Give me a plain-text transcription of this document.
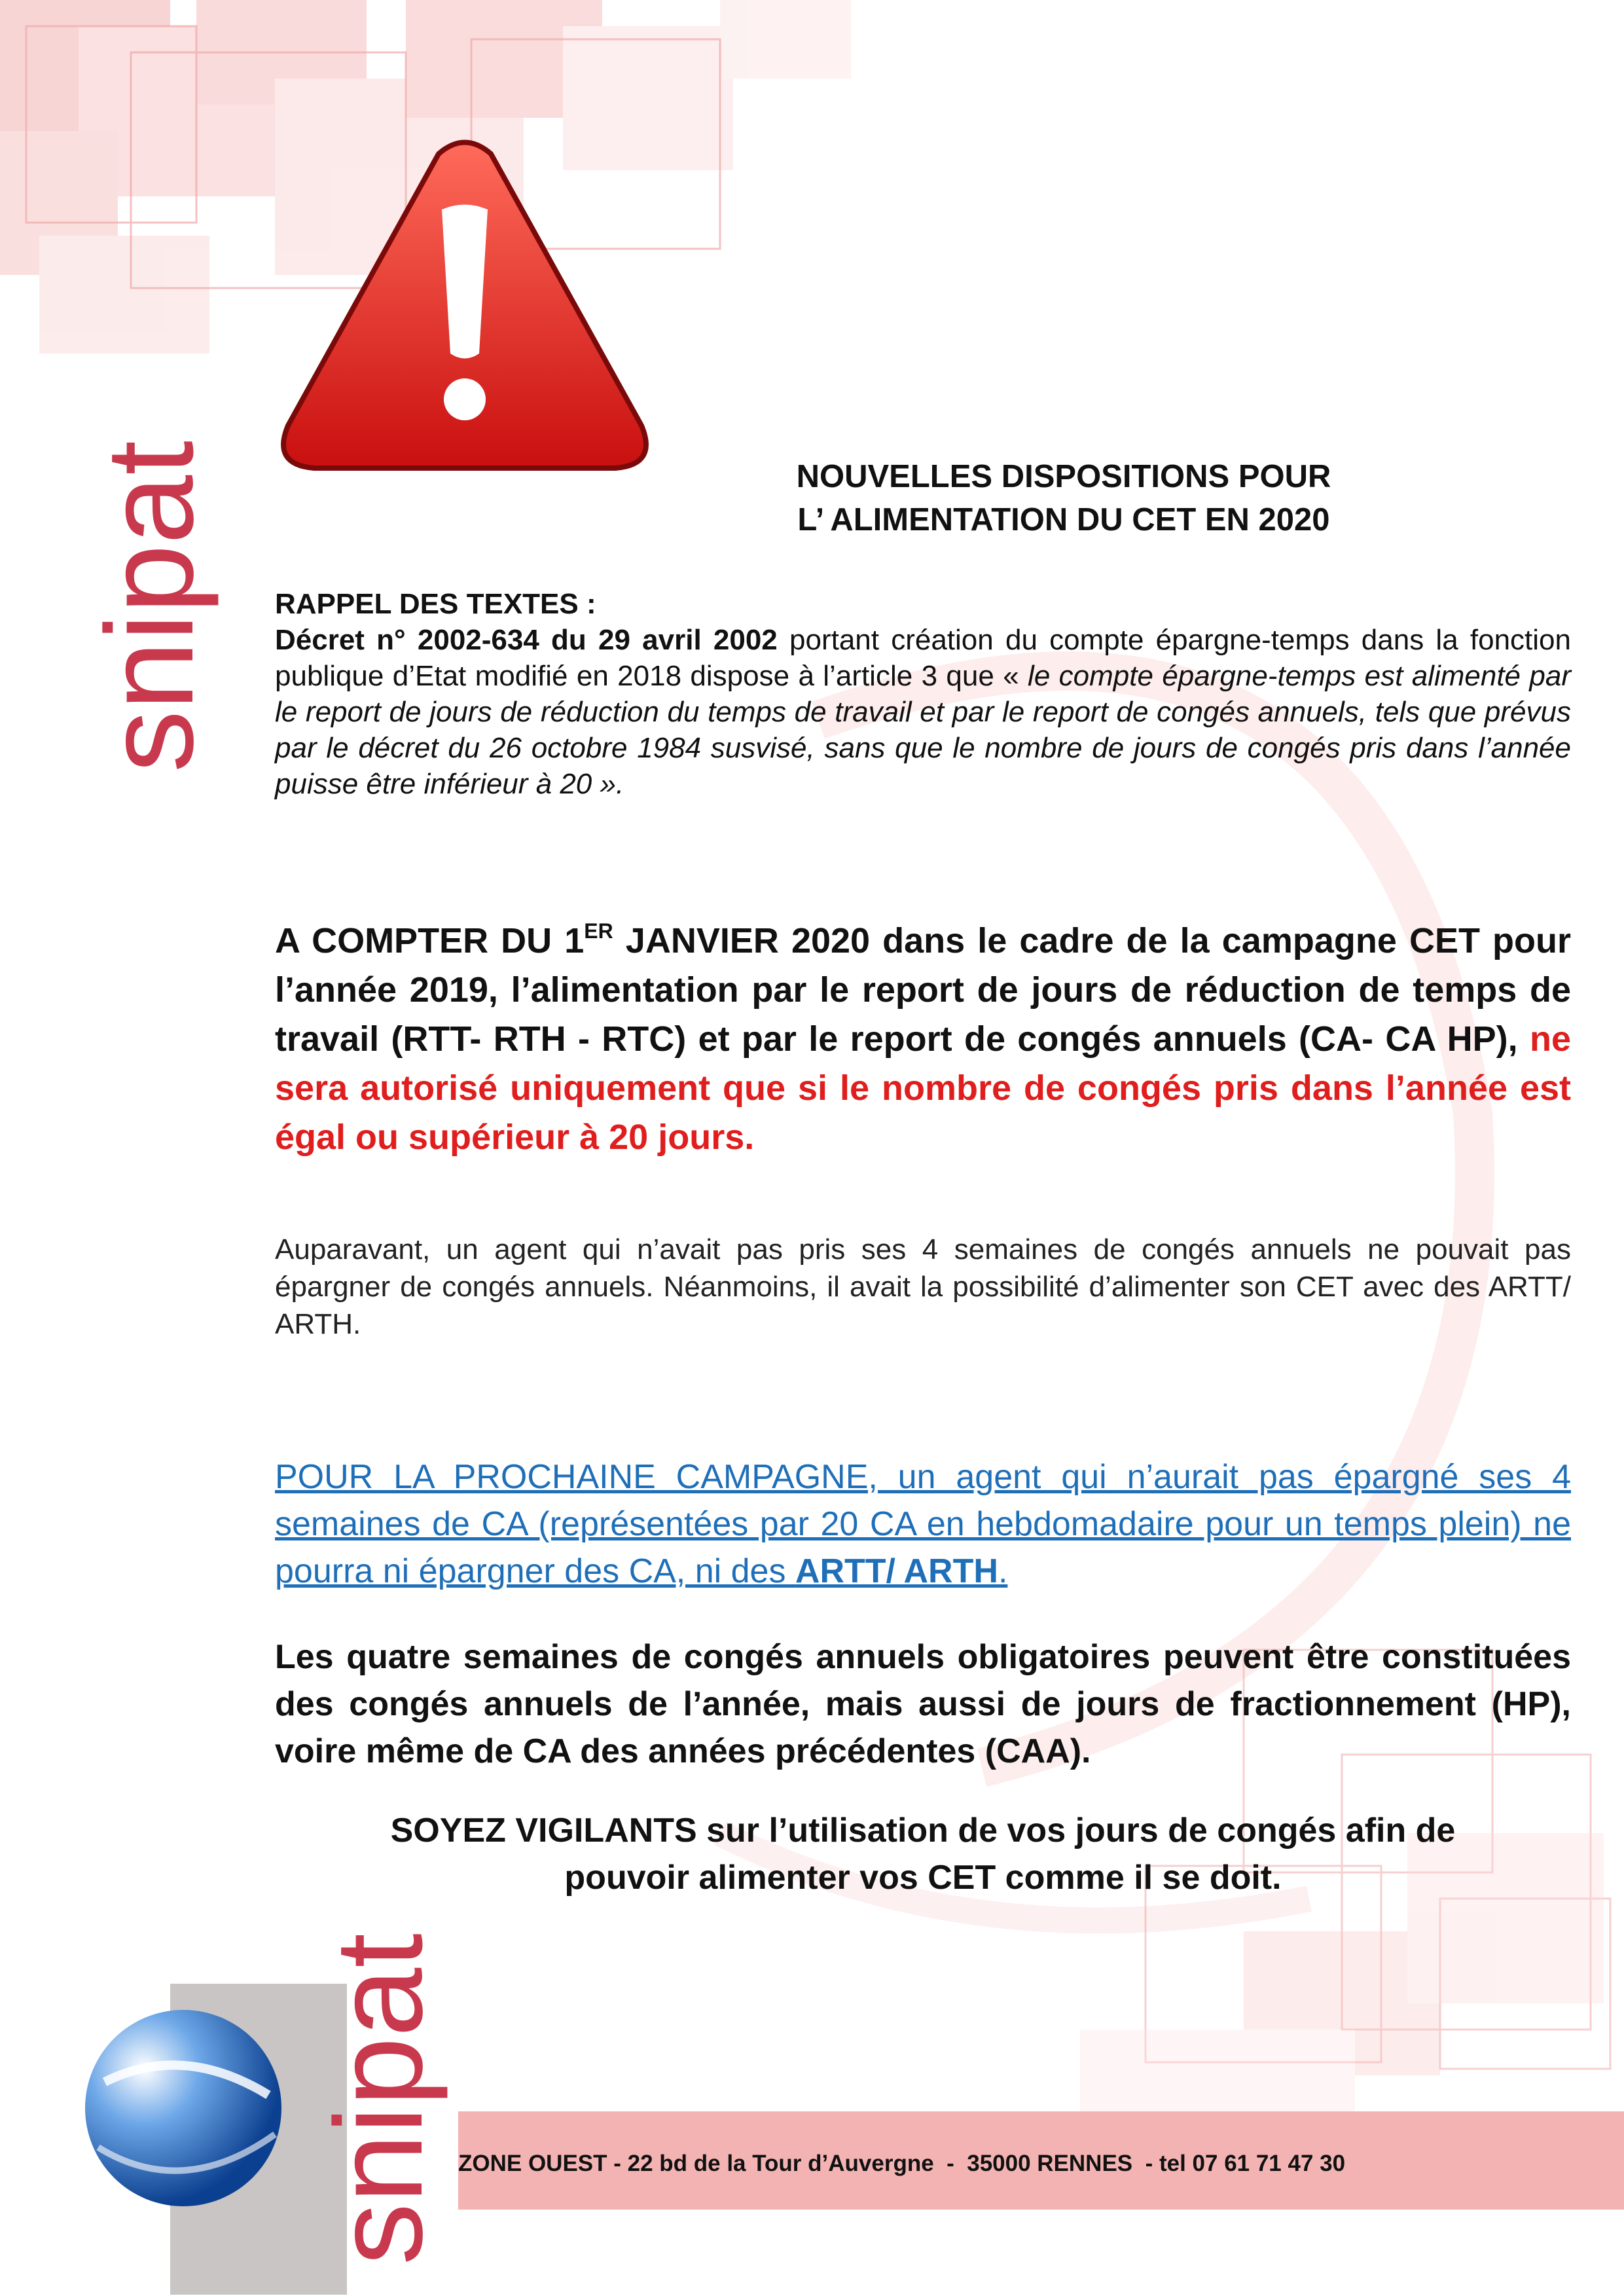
snipat
snipat
NOUVELLES DISPOSITIONS POUR
L’ ALIMENTATION DU CET EN 2020
RAPPEL DES TEXTES :
Décret n° 2002-634 du 29 avril 2002 portant création du compte épargne-temps dans la fonction publique d’Etat modifié en 2018 dispose à l’article 3 que « le compte épargne-temps est alimenté par le report de jours de réduction du temps de travail et par le report de congés annuels, tels que prévus par le décret du 26 octobre 1984 susvisé, sans que le nombre de jours de congés pris dans l’année puisse être inférieur à 20 ».
A COMPTER DU 1ER JANVIER 2020 dans le cadre de la campagne CET pour l’année 2019, l’alimentation par le report de jours de réduction de temps de travail (RTT- RTH - RTC) et par le report de congés annuels (CA- CA HP), ne sera autorisé uniquement que si le nombre de congés pris dans l’année est égal ou supérieur à 20 jours.
Auparavant, un agent qui n’avait pas pris ses 4 semaines de congés annuels ne pouvait pas épargner de congés annuels. Néanmoins, il avait la possibilité d’alimenter son CET avec des ARTT/ ARTH.
POUR LA PROCHAINE CAMPAGNE, un agent qui n’aurait pas épargné ses 4 semaines de CA (représentées par 20 CA en hebdomadaire pour un temps plein) ne pourra ni épargner des CA, ni des ARTT/ ARTH.
Les quatre semaines de congés annuels obligatoires peuvent être constituées des congés annuels de l’année, mais aussi de jours de fractionnement (HP), voire même de CA des années précédentes (CAA).
SOYEZ VIGILANTS sur l’utilisation de vos jours de congés afin de
pouvoir alimenter vos CET comme il se doit.
ZONE OUEST - 22 bd de la Tour d’Auvergne  -  35000 RENNES  - tel 07 61 71 47 30
